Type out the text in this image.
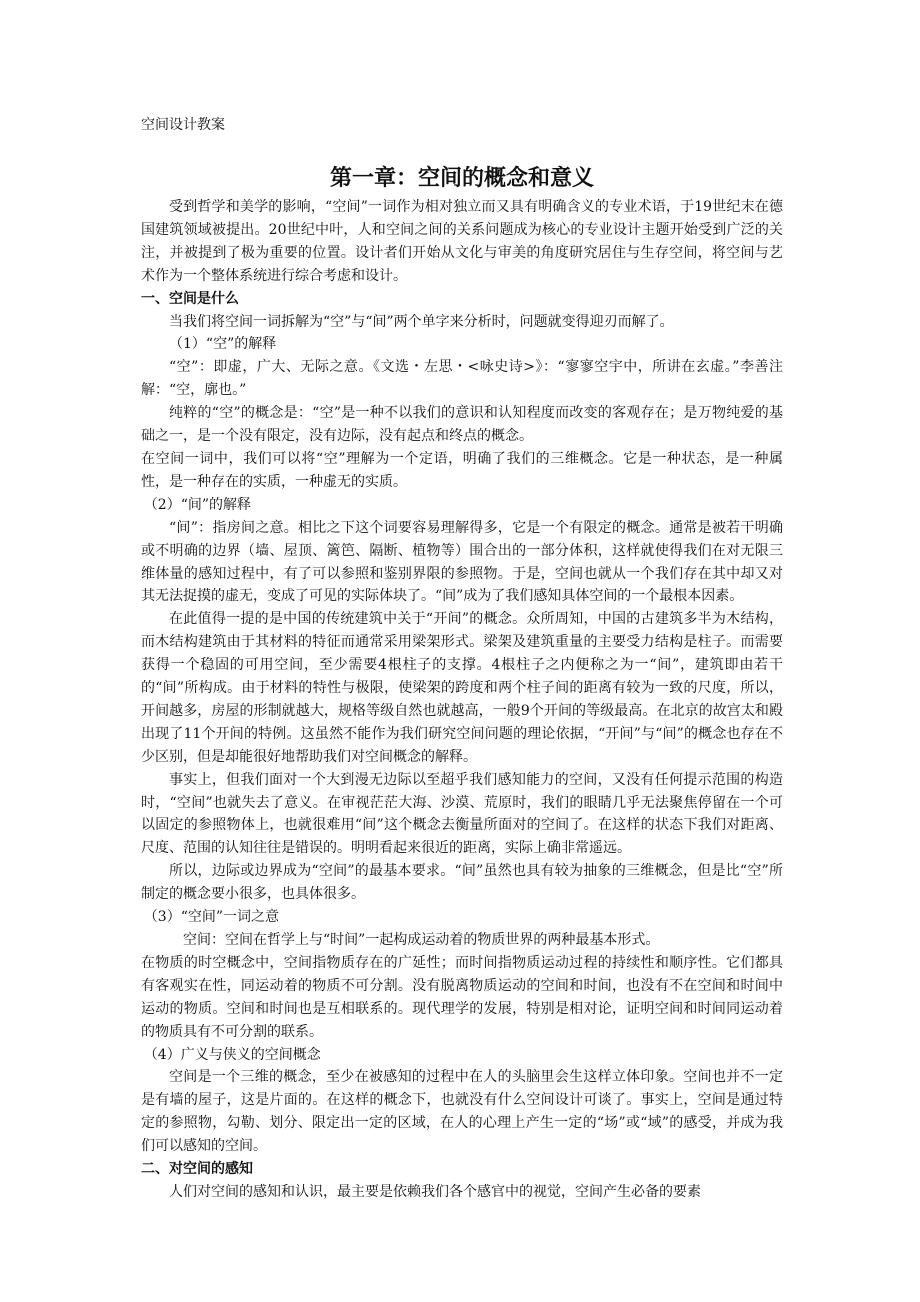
空间设计教案
第一章：空间的概念和意义

受到哲学和美学的影响，“空间”一词作为相对独立而又具有明确含义的专业术语，于19世纪末在德国建筑领域被提出。20世纪中叶，人和空间之间的关系问题成为核心的专业设计主题开始受到广泛的关注，并被提到了极为重要的位置。设计者们开始从文化与审美的角度研究居住与生存空间，将空间与艺术作为一个整体系统进行综合考虑和设计。

一、空间是什么

当我们将空间一词拆解为“空”与“间”两个单字来分析时，问题就变得迎刃而解了。

（1）“空”的解释

“空”：即虚，广大、无际之意。《文选・左思・<咏史诗>》：“寥寥空宇中，所讲在玄虚。”李善注解：“空，廓也。”

纯粹的“空”的概念是：“空”是一种不以我们的意识和认知程度而改变的客观存在；是万物纯爱的基础之一，是一个没有限定，没有边际，没有起点和终点的概念。

在空间一词中，我们可以将“空”理解为一个定语，明确了我们的三维概念。它是一种状态，是一种属性，是一种存在的实质，一种虚无的实质。

（2）“间”的解释

“间”：指房间之意。相比之下这个词要容易理解得多，它是一个有限定的概念。通常是被若干明确或不明确的边界（墙、屋顶、篱笆、隔断、植物等）围合出的一部分体积，这样就使得我们在对无限三维体量的感知过程中，有了可以参照和鉴别界限的参照物。于是，空间也就从一个我们存在其中却又对其无法捉摸的虚无，变成了可见的实际体块了。“间”成为了我们感知具体空间的一个最根本因素。

在此值得一提的是中国的传统建筑中关于“开间”的概念。众所周知，中国的古建筑多半为木结构，而木结构建筑由于其材料的特征而通常采用梁架形式。梁架及建筑重量的主要受力结构是柱子。而需要获得一个稳固的可用空间，至少需要4根柱子的支撑。4根柱子之内便称之为一“间”，建筑即由若干的“间”所构成。由于材料的特性与极限，使梁架的跨度和两个柱子间的距离有较为一致的尺度，所以，开间越多，房屋的形制就越大，规格等级自然也就越高，一般9个开间的等级最高。在北京的故宫太和殿出现了11个开间的特例。这虽然不能作为我们研究空间问题的理论依据，“开间”与“间”的概念也存在不少区别，但是却能很好地帮助我们对空间概念的解释。

事实上，但我们面对一个大到漫无边际以至超乎我们感知能力的空间，又没有任何提示范围的构造时，“空间”也就失去了意义。在审视茫茫大海、沙漠、荒原时，我们的眼睛几乎无法聚焦停留在一个可以固定的参照物体上，也就很难用“间”这个概念去衡量所面对的空间了。在这样的状态下我们对距离、尺度、范围的认知往往是错误的。明明看起来很近的距离，实际上确非常遥远。

所以，边际或边界成为“空间”的最基本要求。“间”虽然也具有较为抽象的三维概念，但是比“空”所制定的概念要小很多，也具体很多。

（3）“空间”一词之意

空间：空间在哲学上与“时间”一起构成运动着的物质世界的两种最基本形式。

在物质的时空概念中，空间指物质存在的广延性；而时间指物质运动过程的持续性和顺序性。它们都具有客观实在性，同运动着的物质不可分割。没有脱离物质运动的空间和时间，也没有不在空间和时间中运动的物质。空间和时间也是互相联系的。现代理学的发展，特别是相对论，证明空间和时间同运动着的物质具有不可分割的联系。

（4）广义与侠义的空间概念

空间是一个三维的概念，至少在被感知的过程中在人的头脑里会生这样立体印象。空间也并不一定是有墙的屋子，这是片面的。在这样的概念下，也就没有什么空间设计可谈了。事实上，空间是通过特定的参照物，勾勒、划分、限定出一定的区域，在人的心理上产生一定的“场”或“域”的感受，并成为我们可以感知的空间。

二、对空间的感知

人们对空间的感知和认识，最主要是依赖我们各个感官中的视觉，空间产生必备的要素
